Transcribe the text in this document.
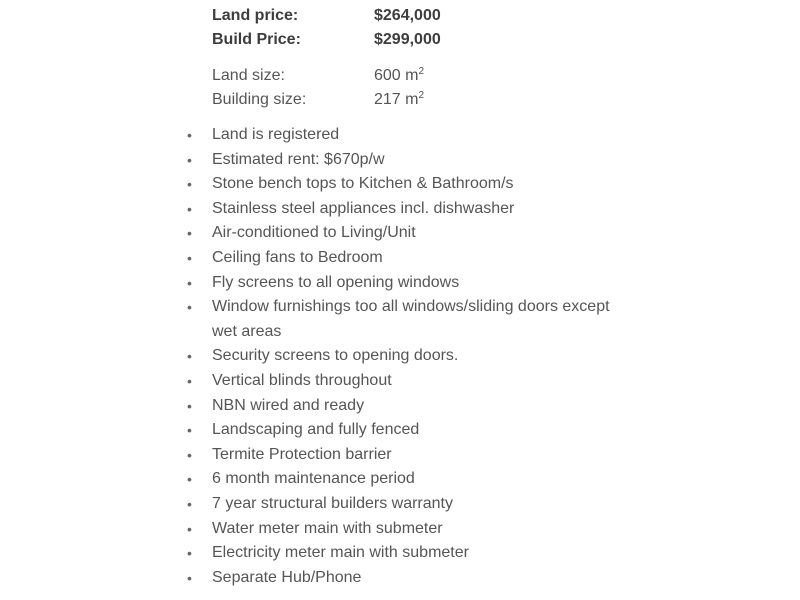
Land price:	$264,000
Build Price:	$299,000
Land size:	600 $m^2$
Building size:	217 $m^2$
•	Land is registered
•	Estimated rent: $670p/w
•	Stone bench tops to Kitchen & Bathroom/s
•	Stainless steel appliances incl. dishwasher
•	Air-conditioned to Living/Unit
•	Ceiling fans to Bedroom
•	Fly screens to all opening windows
•	Window furnishings too all windows/sliding doors except wet areas
•	Security screens to opening doors.
•	Vertical blinds throughout
•	NBN wired and ready
•	Landscaping and fully fenced
•	Termite Protection barrier
•	6 month maintenance period
•	7 year structural builders warranty
•	Water meter main with submeter
•	Electricity meter main with submeter
•	Separate Hub/Phone
